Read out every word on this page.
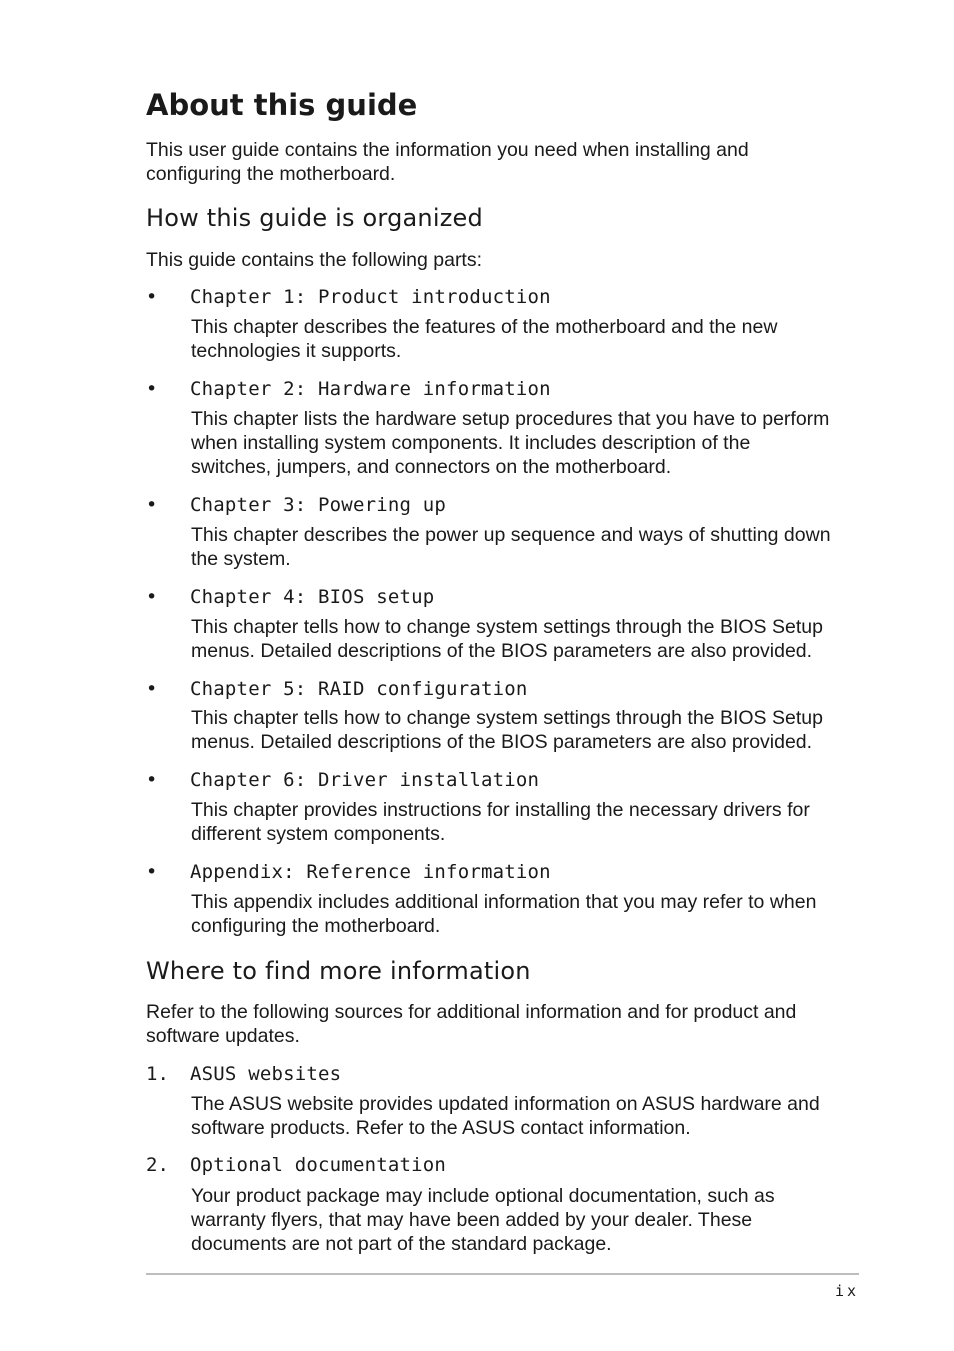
About this guide

This user guide contains the information you need when installing and configuring the motherboard.

How this guide is organized

This guide contains the following parts:

• Chapter 1: Product introduction

This chapter describes the features of the motherboard and the new technologies it supports.

• Chapter 2: Hardware information

This chapter lists the hardware setup procedures that you have to perform when installing system components. It includes description of the switches, jumpers, and connectors on the motherboard.

• Chapter 3: Powering up

This chapter describes the power up sequence and ways of shutting down the system.

• Chapter 4: BIOS setup

This chapter tells how to change system settings through the BIOS Setup menus. Detailed descriptions of the BIOS parameters are also provided.

• Chapter 5: RAID configuration

This chapter tells how to change system settings through the BIOS Setup menus. Detailed descriptions of the BIOS parameters are also provided.

• Chapter 6: Driver installation

This chapter provides instructions for installing the necessary drivers for different system components.

• Appendix: Reference information

This appendix includes additional information that you may refer to when configuring the motherboard.

Where to find more information

Refer to the following sources for additional information and for product and software updates.

1. ASUS websites

The ASUS website provides updated information on ASUS hardware and software products. Refer to the ASUS contact information.

2. Optional documentation

Your product package may include optional documentation, such as warranty flyers, that may have been added by your dealer. These documents are not part of the standard package.

ix
